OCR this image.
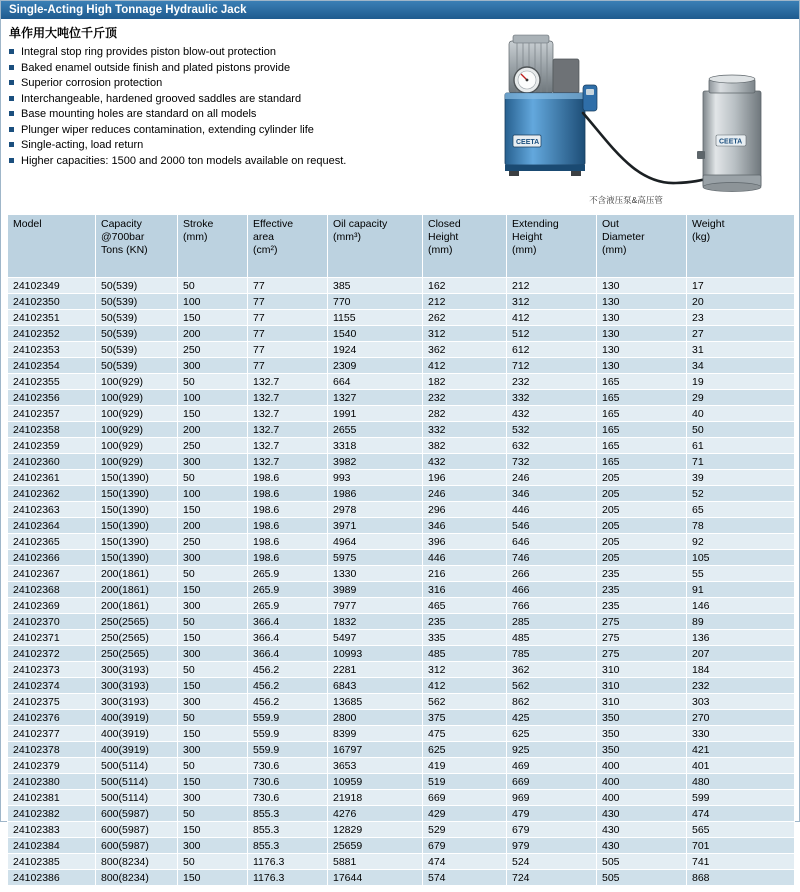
Single-Acting High Tonnage Hydraulic Jack
单作用大吨位千斤顶
Integral stop ring provides piston blow-out protection
Baked enamel outside finish and plated pistons provide
Superior corrosion protection
Interchangeable, hardened grooved saddles are standard
Base mounting holes are standard on all models
Plunger wiper reduces contamination, extending cylinder life
Single-acting, load return
Higher capacities: 1500 and 2000 ton models available on request.
CEETA	CEETA
不含液压泵&高压管
Model	Capacity
@700bar
Tons (KN)

Stroke
(mm)

Effective
area
(cm²)

Oil capacity
(mm³)

Closed
Height
(mm)

Extending
Height
(mm)

Out
Diameter
(mm)

Weight
(kg)

24102349	50(539)	50	77	385	162	212	130	17
24102350	50(539)	100	77	770	212	312	130	20
24102351	50(539)	150	77	1155	262	412	130	23
24102352	50(539)	200	77	1540	312	512	130	27
24102353	50(539)	250	77	1924	362	612	130	31
24102354	50(539)	300	77	2309	412	712	130	34
24102355	100(929)	50	132.7	664	182	232	165	19
24102356	100(929)	100	132.7	1327	232	332	165	29
24102357	100(929)	150	132.7	1991	282	432	165	40
24102358	100(929)	200	132.7	2655	332	532	165	50
24102359	100(929)	250	132.7	3318	382	632	165	61
24102360	100(929)	300	132.7	3982	432	732	165	71
24102361	150(1390)	50	198.6	993	196	246	205	39
24102362	150(1390)	100	198.6	1986	246	346	205	52
24102363	150(1390)	150	198.6	2978	296	446	205	65
24102364	150(1390)	200	198.6	3971	346	546	205	78
24102365	150(1390)	250	198.6	4964	396	646	205	92
24102366	150(1390)	300	198.6	5975	446	746	205	105
24102367	200(1861)	50	265.9	1330	216	266	235	55
24102368	200(1861)	150	265.9	3989	316	466	235	91
24102369	200(1861)	300	265.9	7977	465	766	235	146
24102370	250(2565)	50	366.4	1832	235	285	275	89
24102371	250(2565)	150	366.4	5497	335	485	275	136
24102372	250(2565)	300	366.4	10993	485	785	275	207
24102373	300(3193)	50	456.2	2281	312	362	310	184
24102374	300(3193)	150	456.2	6843	412	562	310	232
24102375	300(3193)	300	456.2	13685	562	862	310	303
24102376	400(3919)	50	559.9	2800	375	425	350	270
24102377	400(3919)	150	559.9	8399	475	625	350	330
24102378	400(3919)	300	559.9	16797	625	925	350	421
24102379	500(5114)	50	730.6	3653	419	469	400	401
24102380	500(5114)	150	730.6	10959	519	669	400	480
24102381	500(5114)	300	730.6	21918	669	969	400	599
24102382	600(5987)	50	855.3	4276	429	479	430	474
24102383	600(5987)	150	855.3	12829	529	679	430	565
24102384	600(5987)	300	855.3	25659	679	979	430	701
24102385	800(8234)	50	1176.3	5881	474	524	505	741
24102386	800(8234)	150	1176.3	17644	574	724	505	868
